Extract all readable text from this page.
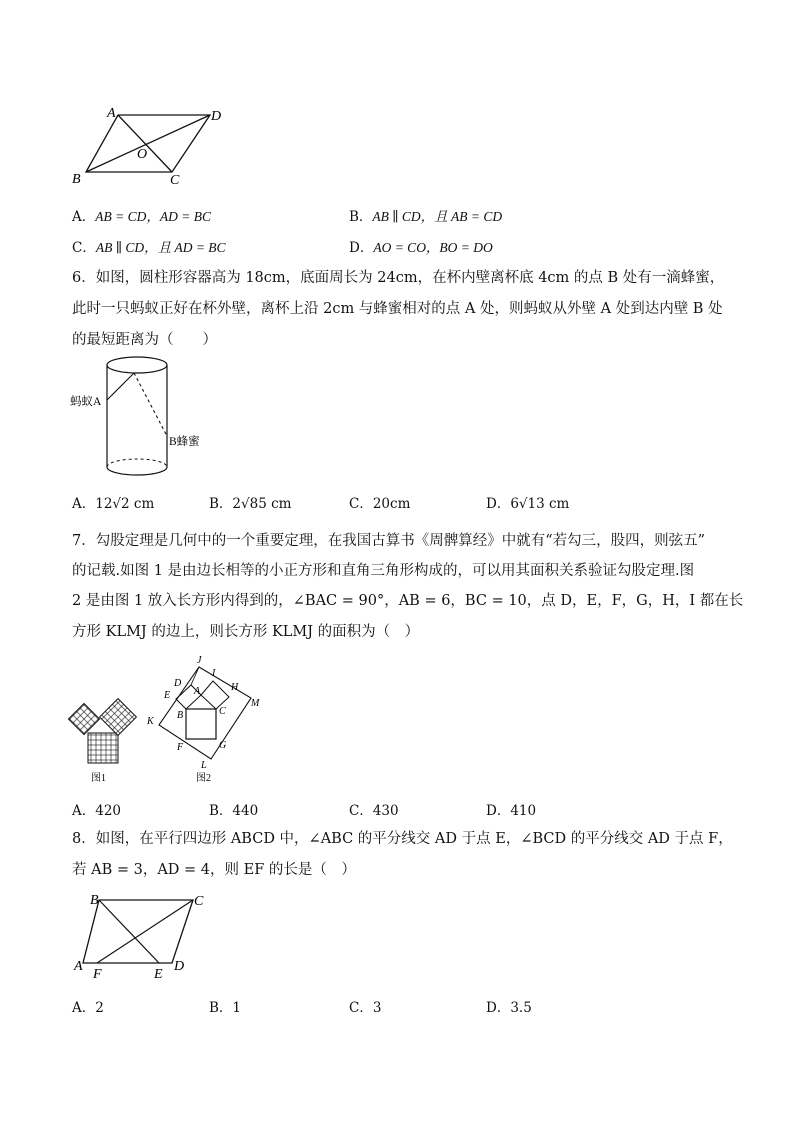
A	D
O
B	C
A．AB = CD，AD = BC	B．AB ∥ CD，且 AB = CD
C．AB ∥ CD，且 AD = BC	D．AO = CO，BO = DO
6．如图，圆柱形容器高为 18cm，底面周长为 24cm，在杯内壁离杯底 4cm 的点 B 处有一滴蜂蜜，
此时一只蚂蚁正好在杯外壁，离杯上沿 2cm 与蜂蜜相对的点 A 处，则蚂蚁从外壁 A 处到达内壁 B 处
的最短距离为（　　）
蚂蚁A
B蜂蜜
A．12√2 cm	B．2√85 cm	C．20cm	D．6√13 cm
7．勾股定理是几何中的一个重要定理，在我国古算书《周髀算经》中就有“若勾三，股四，则弦五”
的记载.如图 1 是由边长相等的小正方形和直角三角形构成的，可以用其面积关系验证勾股定理.图
2 是由图 1 放入长方形内得到的，∠BAC = 90°，AB = 6，BC = 10，点 D，E，F，G，H，I 都在长
方形 KLMJ 的边上，则长方形 KLMJ 的面积为（　）
图1
J
I
D
A	H
E
M
K
B	C
F	G
L
图2
A．420	B．440	C．430	D．410
8．如图，在平行四边形 ABCD 中，∠ABC 的平分线交 AD 于点 E，∠BCD 的平分线交 AD 于点 F，
若 AB = 3，AD = 4，则 EF 的长是（　）
B	C
A
F	E
D
A．2	B．1	C．3	D．3.5
